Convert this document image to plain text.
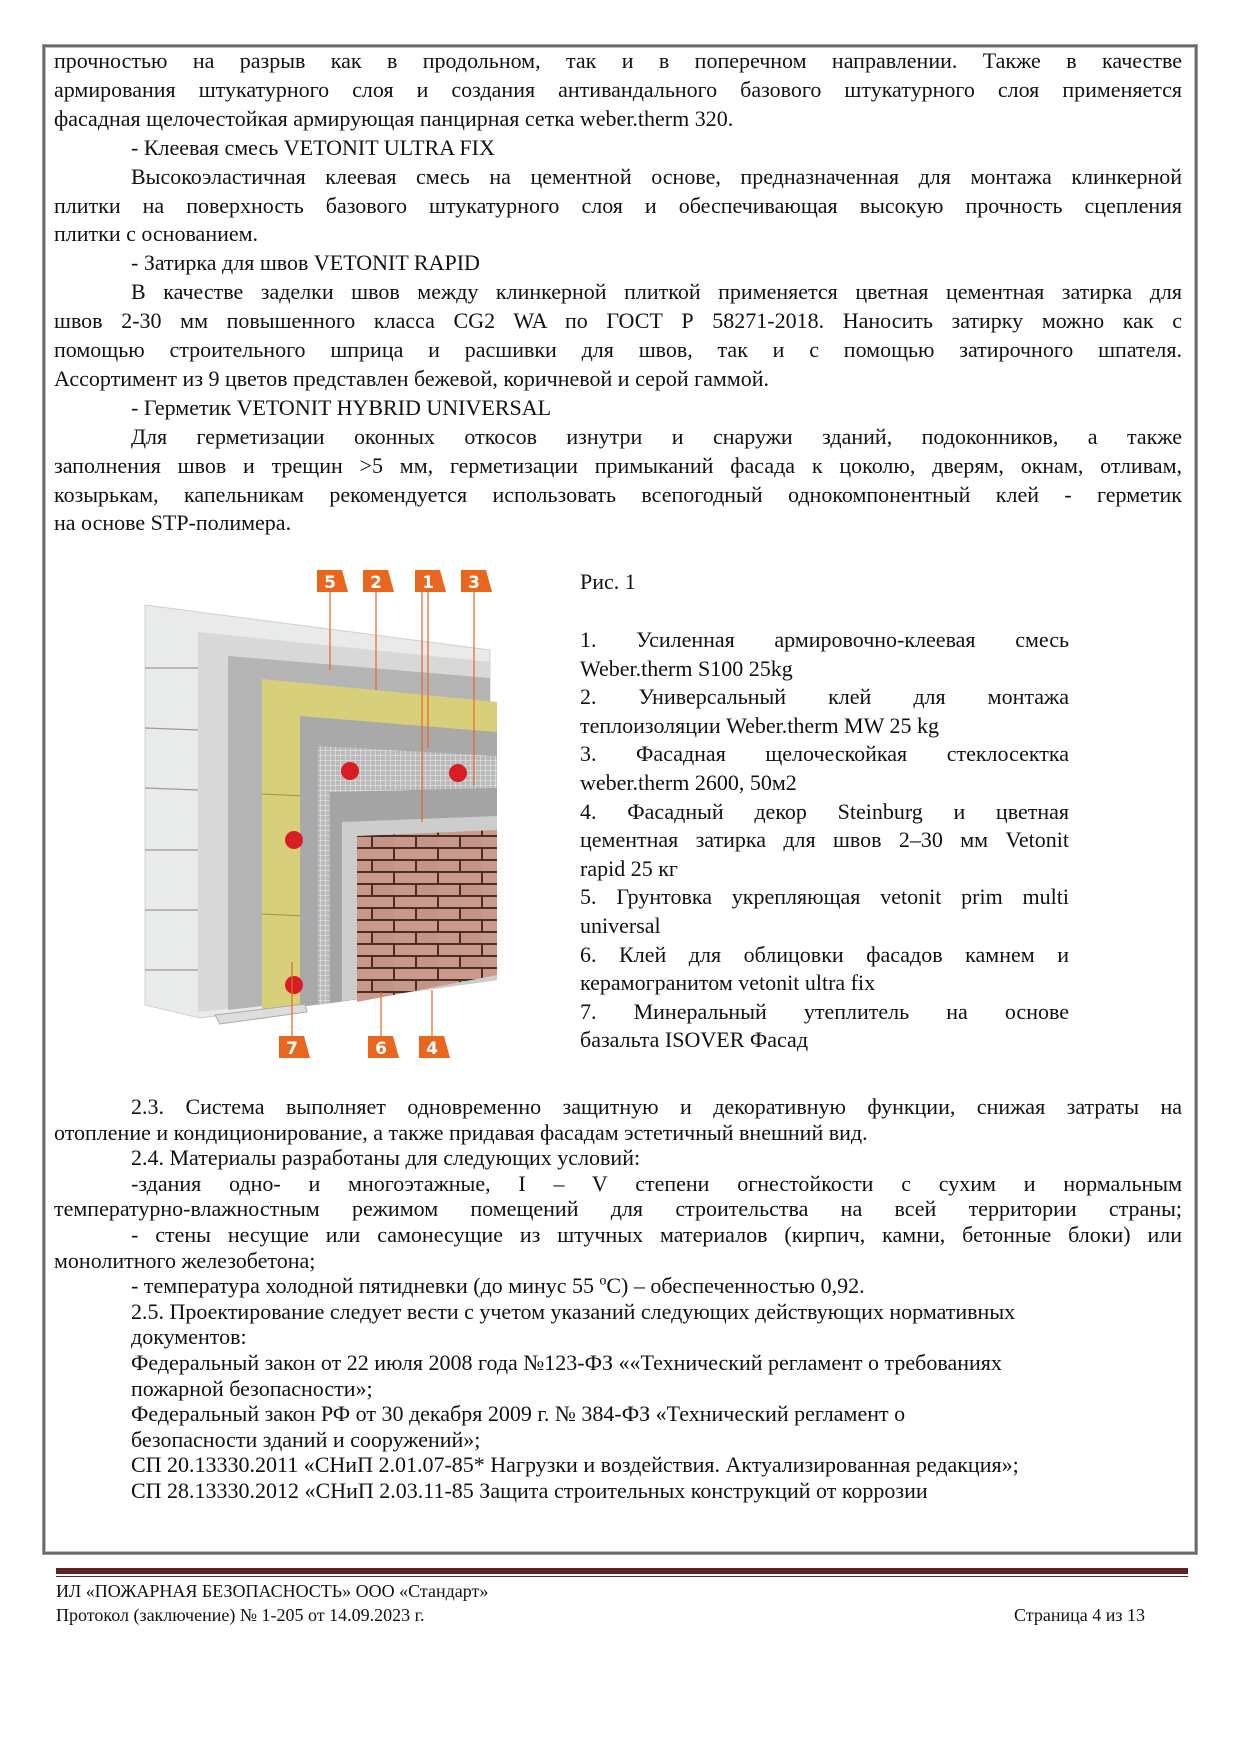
прочностью на разрыв как в продольном, так и в поперечном направлении. Также в качестве
армирования штукатурного слоя и создания антивандального базового штукатурного слоя применяется
фасадная щелочестойкая армирующая панцирная сетка weber.therm 320.
- Клеевая смесь VETONIT ULTRA FIX
Высокоэластичная клеевая смесь на цементной основе, предназначенная для монтажа клинкерной
плитки на поверхность базового штукатурного слоя и обеспечивающая высокую прочность сцепления
плитки с основанием.
- Затирка для швов VETONIT RAPID
В качестве заделки швов между клинкерной плиткой применяется цветная цементная затирка для
швов 2-30 мм повышенного класса CG2 WA по ГОСТ Р 58271-2018. Наносить затирку можно как с
помощью строительного шприца и расшивки для швов, так и с помощью затирочного шпателя.
Ассортимент из 9 цветов представлен бежевой, коричневой и серой гаммой.
- Герметик VETONIT HYBRID UNIVERSAL
Для герметизации оконных откосов изнутри и снаружи зданий, подоконников, а также
заполнения швов и трещин >5 мм, герметизации примыканий фасада к цоколю, дверям, окнам, отливам,
козырькам, капельникам рекомендуется использовать всепогодный однокомпонентный клей - герметик
на основе STP-полимера.
5 2 1 3
7	6 4
Рис. 1
1. Усиленная армировочно-клеевая смесь
Weber.therm S100 25kg
2. Универсальный клей для монтажа
теплоизоляции Weber.therm MW 25 kg
3. Фасадная щелоческойкая стеклосектка
weber.therm 2600, 50м2
4. Фасадный декор Steinburg и цветная
цементная затирка для швов 2–30 мм Vetonit
rapid 25 кг
5. Грунтовка укрепляющая vetonit prim multi
universal
6. Клей для облицовки фасадов камнем и
керамогранитом vetonit ultra fix
7. Минеральный утеплитель на основе
базальта ISOVER Фасад
2.3. Система выполняет одновременно защитную и декоративную функции, снижая затраты на
отопление и кондиционирование, а также придавая фасадам эстетичный внешний вид.
2.4. Материалы разработаны для следующих условий:
-здания одно- и многоэтажные, I – V степени огнестойкости с сухим и нормальным
температурно-влажностным режимом помещений для строительства на всей территории страны;
- стены несущие или самонесущие из штучных материалов (кирпич, камни, бетонные блоки) или
монолитного железобетона;
- температура холодной пятидневки (до минус 55 ºС) – обеспеченностью 0,92.
2.5. Проектирование следует вести с учетом указаний следующих действующих нормативных
документов:
Федеральный закон от 22 июля 2008 года №123-ФЗ ««Технический регламент о требованиях
пожарной безопасности»;
Федеральный закон РФ от 30 декабря 2009 г. № 384-ФЗ «Технический регламент о
безопасности зданий и сооружений»;
СП 20.13330.2011 «СНиП 2.01.07-85* Нагрузки и воздействия. Актуализированная редакция»;
СП 28.13330.2012 «СНиП 2.03.11-85 Защита строительных конструкций от коррозии
ИЛ «ПОЖАРНАЯ БЕЗОПАСНОСТЬ» ООО «Стандарт»
Протокол (заключение) № 1-205 от 14.09.2023 г.	Страница 4 из 13
